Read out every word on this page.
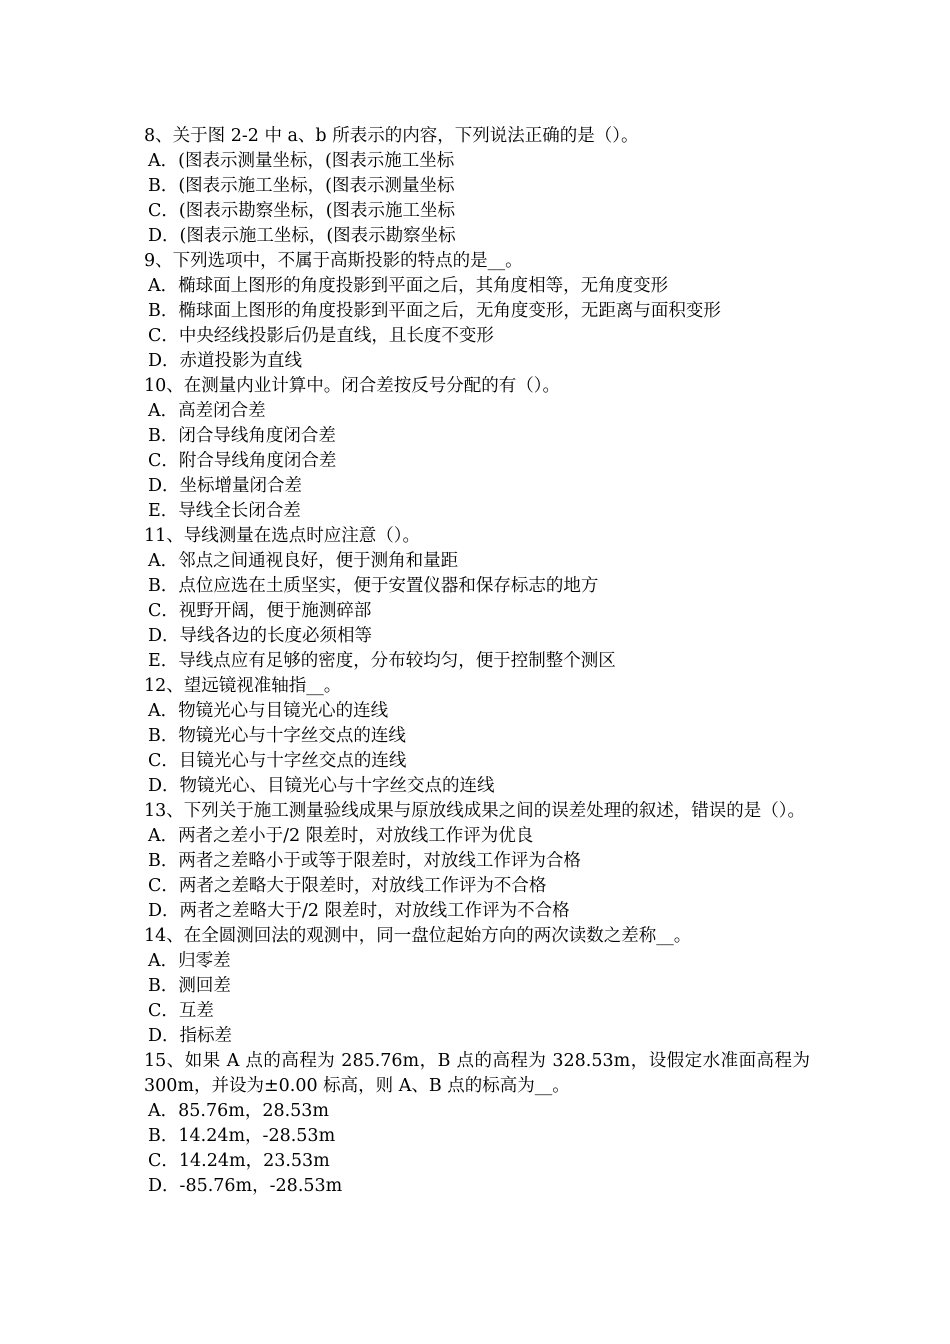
8、关于图 2-2 中 a、b 所表示的内容，下列说法正确的是（）。
A．(图表示测量坐标，(图表示施工坐标
B．(图表示施工坐标，(图表示测量坐标
C．(图表示勘察坐标，(图表示施工坐标
D．(图表示施工坐标，(图表示勘察坐标
9、下列选项中，不属于高斯投影的特点的是__。
A．椭球面上图形的角度投影到平面之后，其角度相等，无角度变形
B．椭球面上图形的角度投影到平面之后，无角度变形，无距离与面积变形
C．中央经线投影后仍是直线，且长度不变形
D．赤道投影为直线
10、在测量内业计算中。闭合差按反号分配的有（）。
A．高差闭合差
B．闭合导线角度闭合差
C．附合导线角度闭合差
D．坐标增量闭合差
E．导线全长闭合差
11、导线测量在选点时应注意（）。
A．邻点之间通视良好，便于测角和量距
B．点位应选在土质坚实，便于安置仪器和保存标志的地方
C．视野开阔，便于施测碎部
D．导线各边的长度必须相等
E．导线点应有足够的密度，分布较均匀，便于控制整个测区
12、望远镜视准轴指__。
A．物镜光心与目镜光心的连线
B．物镜光心与十字丝交点的连线
C．目镜光心与十字丝交点的连线
D．物镜光心、目镜光心与十字丝交点的连线
13、下列关于施工测量验线成果与原放线成果之间的误差处理的叙述，错误的是（）。
A．两者之差小于/2 限差时，对放线工作评为优良
B．两者之差略小于或等于限差时，对放线工作评为合格
C．两者之差略大于限差时，对放线工作评为不合格
D．两者之差略大于/2 限差时，对放线工作评为不合格
14、在全圆测回法的观测中，同一盘位起始方向的两次读数之差称__。
A．归零差
B．测回差
C．互差
D．指标差
15、如果 A 点的高程为 285.76m，B 点的高程为 328.53m，设假定水准面高程为 300m，并设为±0.00 标高，则 A、B 点的标高为__。
A．85.76m，28.53m
B．14.24m，-28.53m
C．14.24m，23.53m
D．-85.76m，-28.53m
